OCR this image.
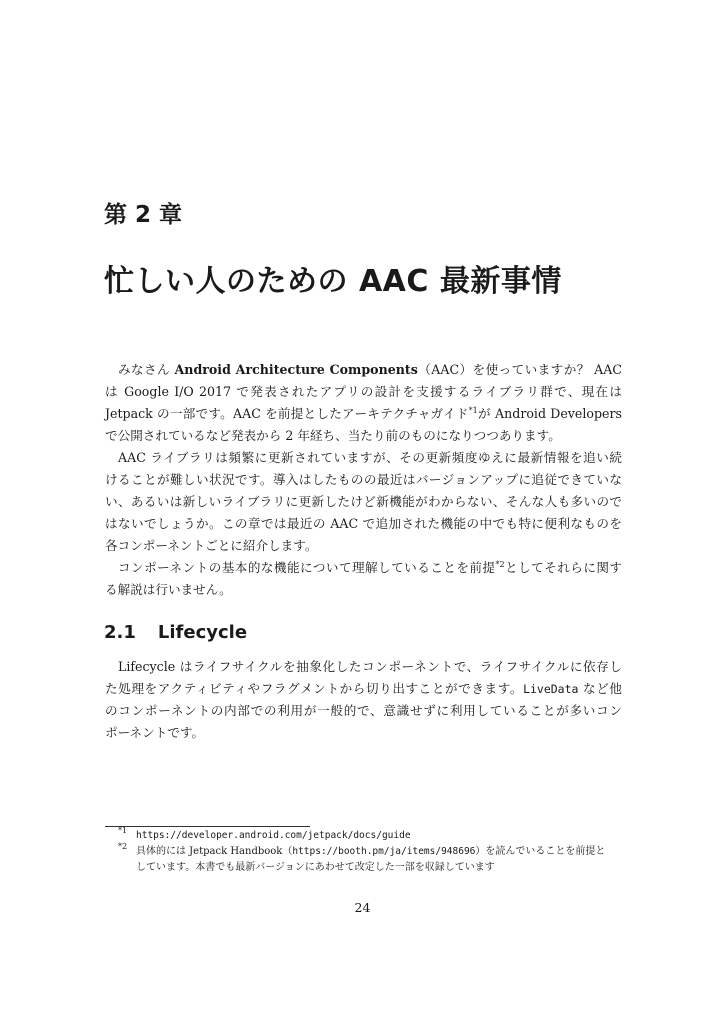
第 2 章
忙しい人のための AAC 最新事情
みなさん Android Architecture Components（AAC）を使っていますか？ AAC
は Google I/O 2017 で発表されたアプリの設計を支援するライブラリ群で、現在は
Jetpack の一部です。AAC を前提としたアーキテクチャガイド$^{*1}$が Android Developers
で公開されているなど発表から 2 年経ち、当たり前のものになりつつあります。
AAC ライブラリは頻繁に更新されていますが、その更新頻度ゆえに最新情報を追い続
けることが難しい状況です。導入はしたものの最近はバージョンアップに追従できていな
い、あるいは新しいライブラリに更新したけど新機能がわからない、そんな人も多いので
はないでしょうか。この章では最近の AAC で追加された機能の中でも特に便利なものを
各コンポーネントごとに紹介します。
コンポーネントの基本的な機能について理解していることを前提$^{*2}$としてそれらに関す
る解説は行いません。
2.1 Lifecycle
Lifecycle はライフサイクルを抽象化したコンポーネントで、ライフサイクルに依存し
た処理をアクティビティやフラグメントから切り出すことができます。LiveData など他
のコンポーネントの内部での利用が一般的で、意識せずに利用していることが多いコン
ポーネントです。
$^{*1}$ https://developer.android.com/jetpack/docs/guide
$^{*2}$ 具体的には Jetpack Handbook（https://booth.pm/ja/items/948696）を読んでいることを前提と
しています。本書でも最新バージョンにあわせて改定した一部を収録しています
24
